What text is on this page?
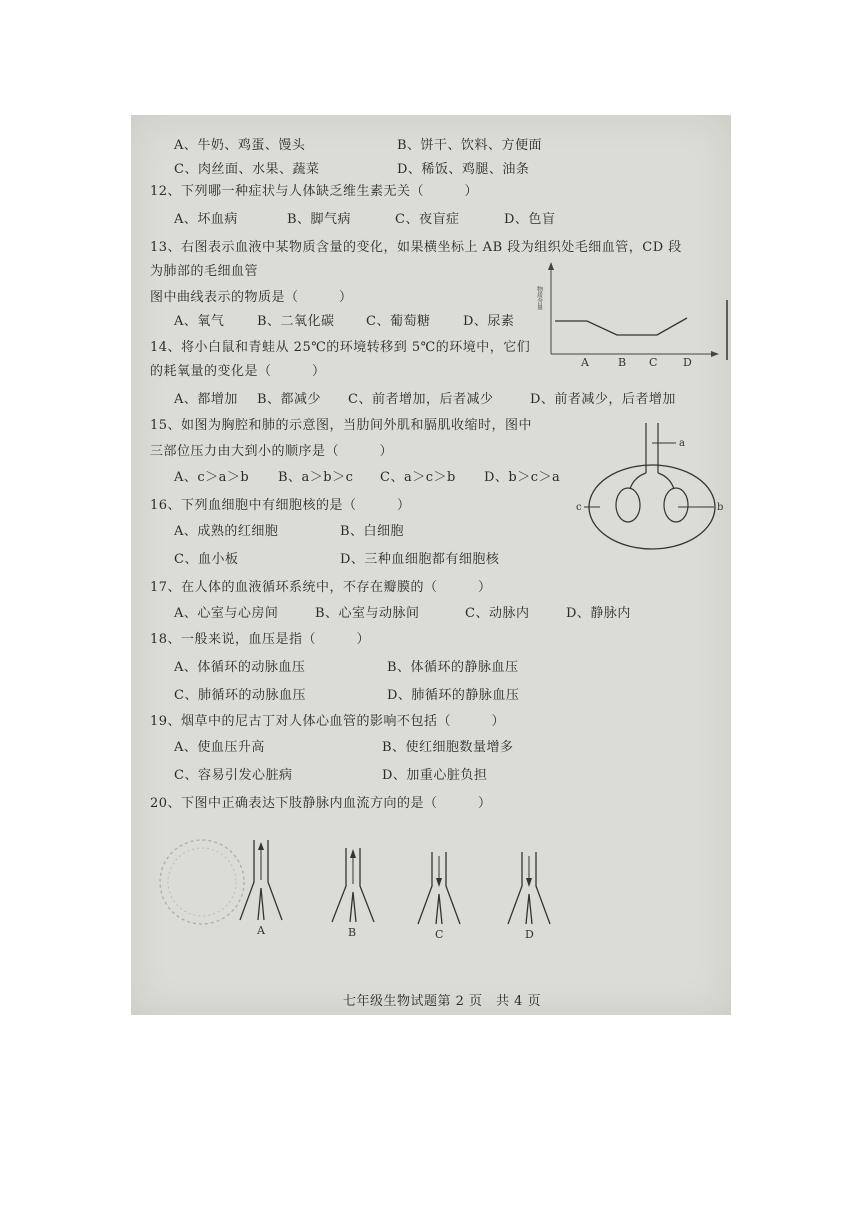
A、牛奶、鸡蛋、馒头	B、饼干、饮料、方便面
C、肉丝面、水果、蔬菜	D、稀饭、鸡腿、油条
12、下列哪一种症状与人体缺乏维生素无关（　　　）
A、坏血病	B、脚气病	C、夜盲症	D、色盲
13、右图表示血液中某物质含量的变化，如果横坐标上 AB 段为组织处毛细血管，CD 段
为肺部的毛细血管
图中曲线表示的物质是（　　　）
A、氧气	B、二氧化碳 C、葡萄糖	D、尿素
物质含量
A	B C D
14、将小白鼠和青蛙从 25℃的环境转移到 5℃的环境中，它们
的耗氧量的变化是（　　　）
A、都增加 B、都减少 C、前者增加，后者减少	D、前者减少，后者增加
15、如图为胸腔和肺的示意图，当肋间外肌和膈肌收缩时，图中
三部位压力由大到小的顺序是（　　　）
A、c＞a＞b B、a＞b＞c C、a＞c＞b D、b＞c＞a
a
c	b
16、下列血细胞中有细胞核的是（　　　）
A、成熟的红细胞	B、白细胞
C、血小板	D、三种血细胞都有细胞核
17、在人体的血液循环系统中，不存在瓣膜的（　　　）
A、心室与心房间	B、心室与动脉间	C、动脉内	D、静脉内
18、一般来说，血压是指（　　　）
A、体循环的动脉血压	B、体循环的静脉血压
C、肺循环的动脉血压	D、肺循环的静脉血压
19、烟草中的尼古丁对人体心血管的影响不包括（　　　）
A、使血压升高	B、使红细胞数量增多
C、容易引发心脏病	D、加重心脏负担
20、下图中正确表达下肢静脉内血流方向的是（　　　）
A	B	C	D
七年级生物试题第 2 页　共 4 页
